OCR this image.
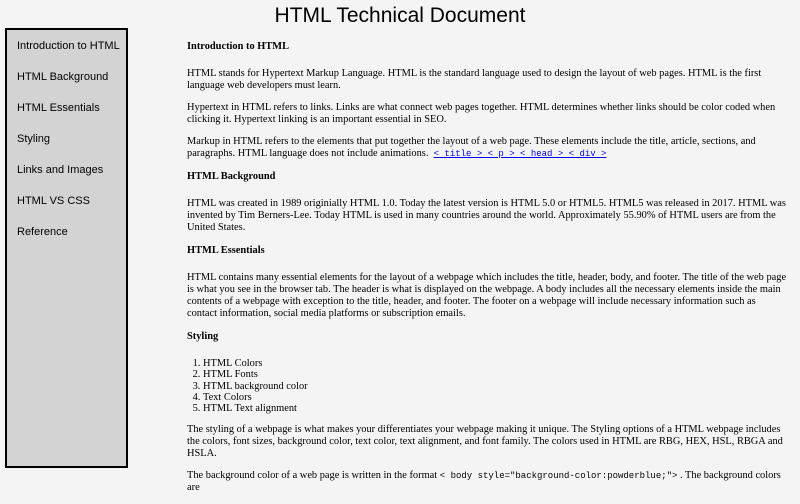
HTML Technical Document
Introduction to HTML
HTML Background
HTML Essentials
Styling
Links and Images
HTML VS CSS
Reference
Introduction to HTML

HTML stands for Hypertext Markup Language. HTML is the standard language used to design the layout of web pages. HTML is the first language web developers must learn.

Hypertext in HTML refers to links. Links are what connect web pages together. HTML determines whether links should be color coded when clicking it. Hypertext linking is an important essential in SEO.

Markup in HTML refers to the elements that put together the layout of a web page. These elements include the title, article, sections, and paragraphs. HTML language does not include animations. < title > < p > < head > < div >

HTML Background

HTML was created in 1989 originially HTML 1.0. Today the latest version is HTML 5.0 or HTML5. HTML5 was released in 2017. HTML was invented by Tim Berners-Lee. Today HTML is used in many countries around the world. Approximately 55.90% of HTML users are from the United States.

HTML Essentials

HTML contains many essential elements for the layout of a webpage which includes the title, header, body, and footer. The title of the web page is what you see in the browser tab. The header is what is displayed on the webpage. A body includes all the necessary elements inside the main contents of a webpage with exception to the title, header, and footer. The footer on a webpage will include necessary information such as contact information, social media platforms or subscription emails.

Styling
1. HTML Colors
2. HTML Fonts
3. HTML background color
4. Text Colors
5. HTML Text alignment

The styling of a webpage is what makes your differentiates your webpage making it unique. The Styling options of a HTML webpage includes the colors, font sizes, background color, text color, text alignment, and font family. The colors used in HTML are RBG, HEX, HSL, RBGA and HSLA.

The background color of a web page is written in the format < body style="background-color:powderblue;"> . The background colors are
